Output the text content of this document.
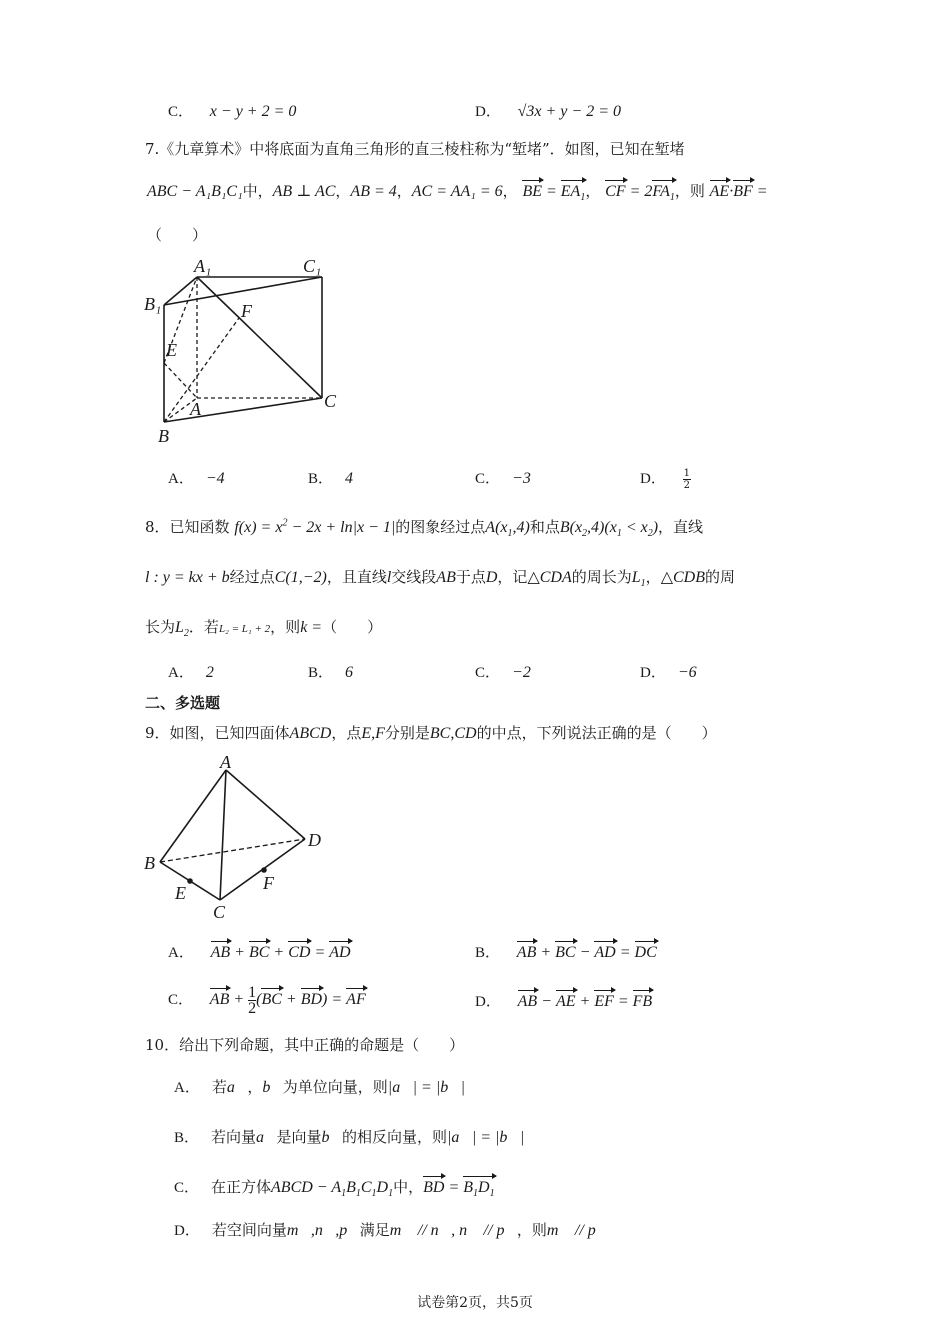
C． x − y + 2 = 0	D． √3x + y − 2 = 0
7.《九章算术》中将底面为直角三角形的直三棱柱称为“堑堵”．如图，已知在堑堵
ABC − A₁B₁C₁中，AB ⊥ AC，AB = 4，AC = AA₁ = 6， BE = $EA_1$， CF = $2FA_1$，则 AE·BF =
（　　）
A₁	C₁
B₁	F
E
A	C
B
A． −4	B． 4	C． −3	D． $\frac{1}{2}$
8．已知函数 $f(x) = x^2 - 2x + \ln|x - 1|$的图象经过点$A(x_1,4)$和点$B(x_2,4)(x_1 < x_2)$，直线
l : y = kx + b经过点C(1,−2)，且直线l交线段AB于点D，记△CDA的周长为$L_1$，△CDB的周
长为$L_2$．若L₂ = L₁ + 2，则k =（　　）
A． 2	B． 6	C． −2	D． −6
二、多选题
9．如图，已知四面体ABCD，点E,F分别是BC,CD的中点，下列说法正确的是（　　）
A
B
D
E	F
C
A． AB + BC + CD = AD	B． AB + BC − AD = DC
C． AB + $\frac{1}{2} (BC + BD)$ = AF	D． AB − AE + EF = FB
10．给出下列命题，其中正确的命题是（　　）
A． 若a⃗，b⃗为单位向量，则|a⃗| = |b⃗|
B． 若向量a⃗是向量b⃗的相反向量，则|a⃗| = |b⃗|
C． 在正方体ABCD − $A_1B_1C_1D_1$中，BD = $B_1D_1$
D． 若空间向量m⃗,n⃗,p⃗满足m⃗ // n⃗, n⃗ // p⃗，则m⃗ // p⃗
试卷第2页，共5页
